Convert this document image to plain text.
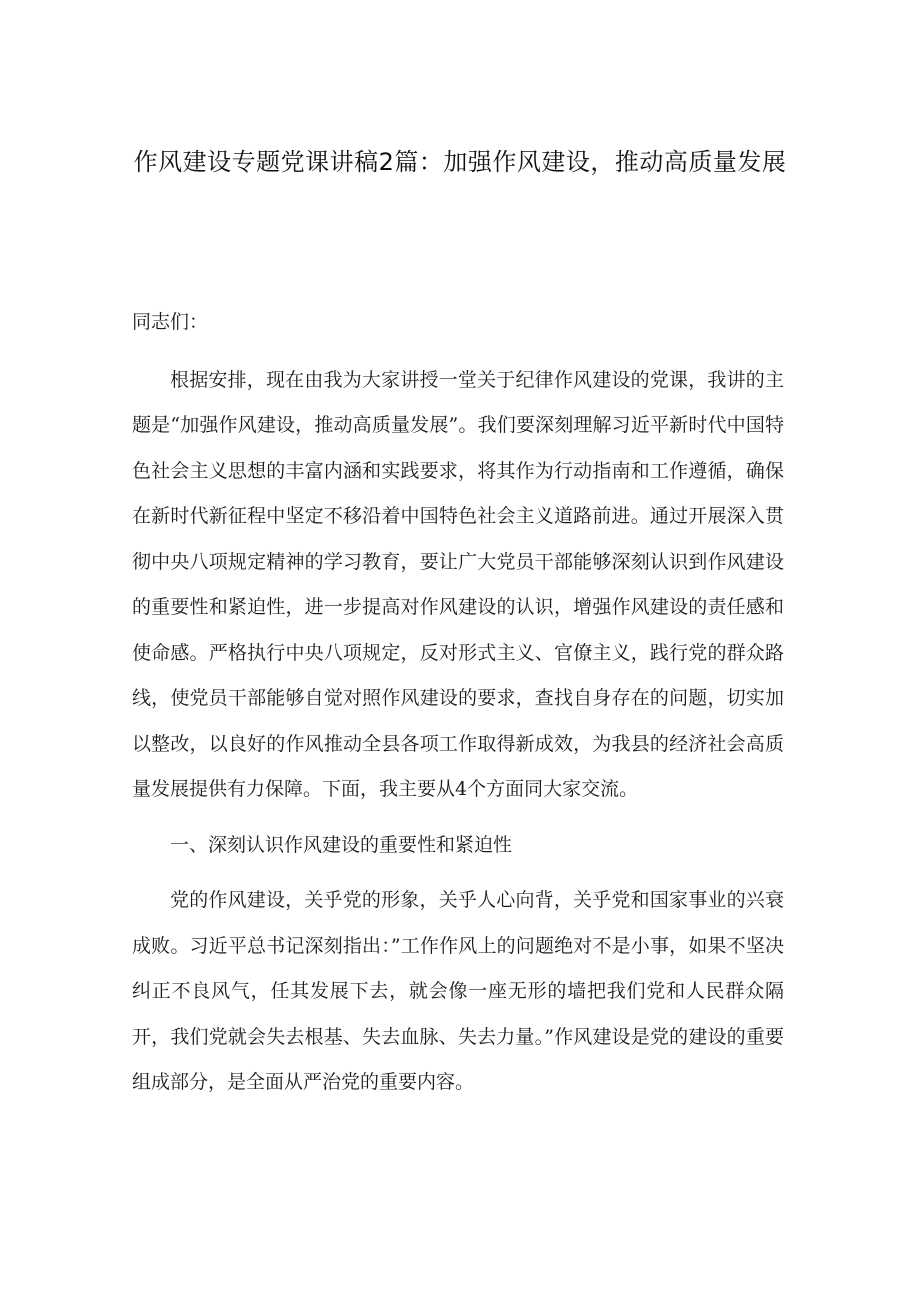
作风建设专题党课讲稿2篇：加强作风建设，推动高质量发展

同志们：

根据安排，现在由我为大家讲授一堂关于纪律作风建设的党课，我讲的主题是“加强作风建设，推动高质量发展”。我们要深刻理解习近平新时代中国特色社会主义思想的丰富内涵和实践要求，将其作为行动指南和工作遵循，确保在新时代新征程中坚定不移沿着中国特色社会主义道路前进。通过开展深入贯彻中央八项规定精神的学习教育，要让广大党员干部能够深刻认识到作风建设的重要性和紧迫性，进一步提高对作风建设的认识，增强作风建设的责任感和使命感。严格执行中央八项规定，反对形式主义、官僚主义，践行党的群众路线，使党员干部能够自觉对照作风建设的要求，查找自身存在的问题，切实加以整改，以良好的作风推动全县各项工作取得新成效，为我县的经济社会高质量发展提供有力保障。下面，我主要从4个方面同大家交流。

一、深刻认识作风建设的重要性和紧迫性

党的作风建设，关乎党的形象，关乎人心向背，关乎党和国家事业的兴衰成败。习近平总书记深刻指出：”工作作风上的问题绝对不是小事，如果不坚决纠正不良风气，任其发展下去，就会像一座无形的墙把我们党和人民群众隔开，我们党就会失去根基、失去血脉、失去力量。”作风建设是党的建设的重要组成部分，是全面从严治党的重要内容。
